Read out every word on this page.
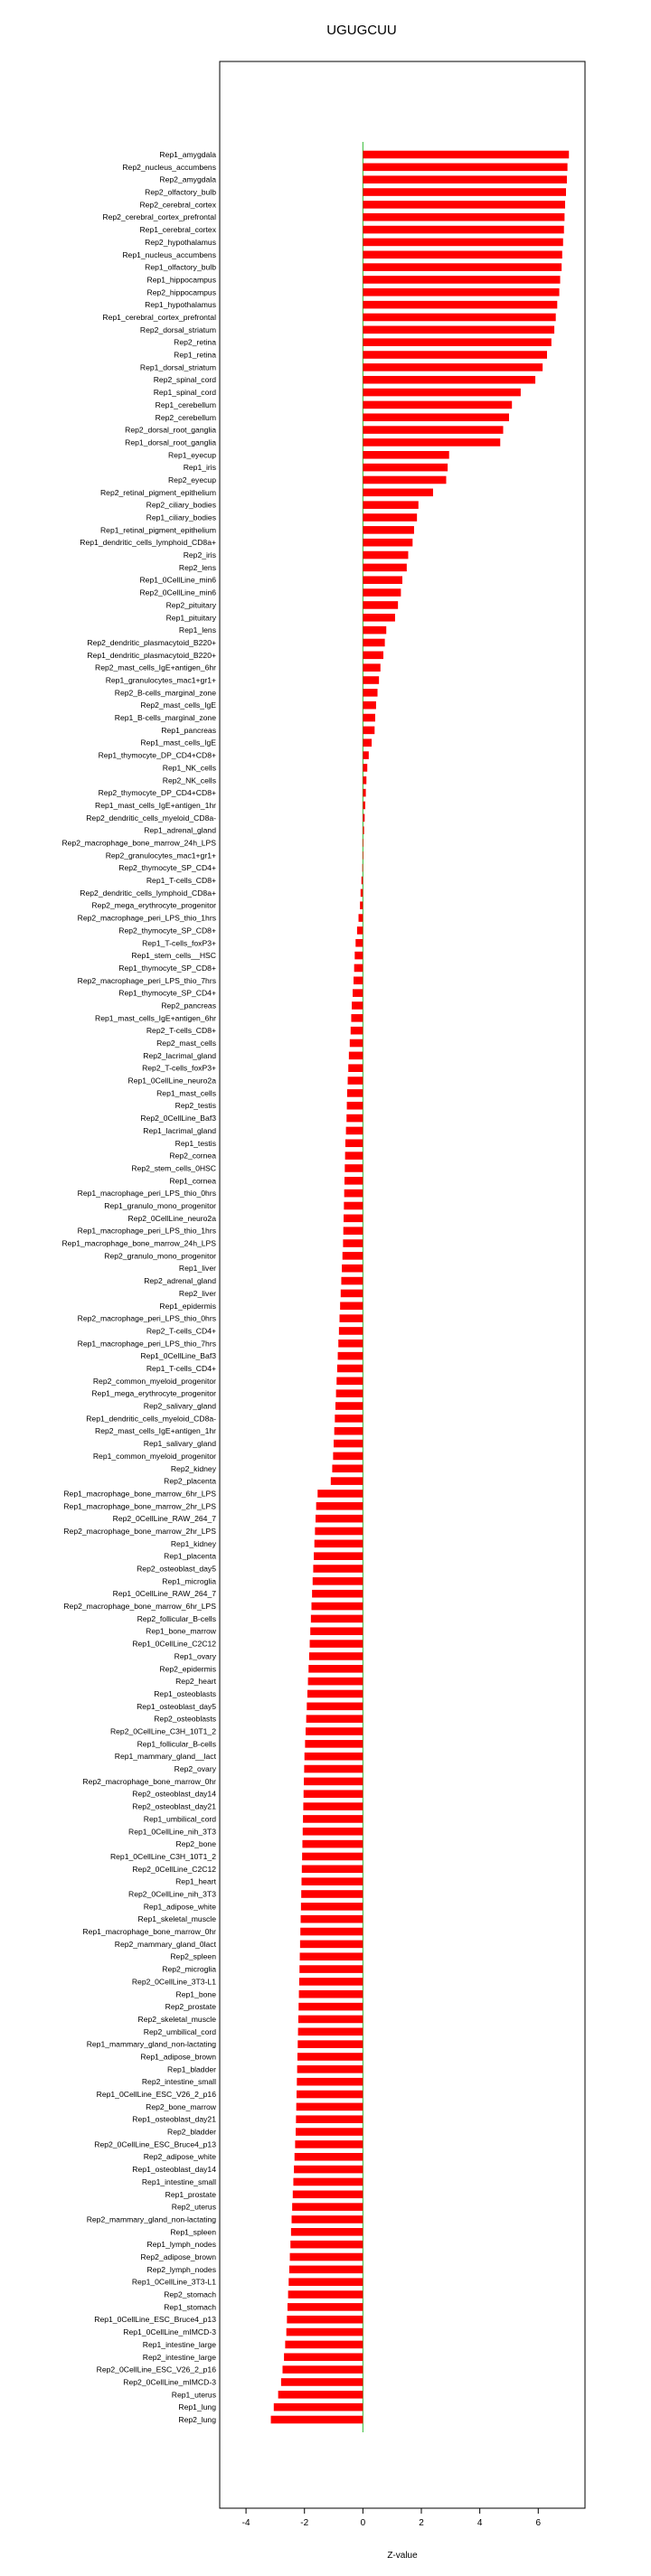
UGUGCUU
Rep1_amygdala
Rep2_nucleus_accumbens
Rep2_amygdala
Rep2_olfactory_bulb
Rep2_cerebral_cortex
Rep2_cerebral_cortex_prefrontal
Rep1_cerebral_cortex
Rep2_hypothalamus
Rep1_nucleus_accumbens
Rep1_olfactory_bulb
Rep1_hippocampus
Rep2_hippocampus
Rep1_hypothalamus
Rep1_cerebral_cortex_prefrontal
Rep2_dorsal_striatum
Rep2_retina
Rep1_retina
Rep1_dorsal_striatum
Rep2_spinal_cord
Rep1_spinal_cord
Rep1_cerebellum
Rep2_cerebellum
Rep2_dorsal_root_ganglia
Rep1_dorsal_root_ganglia
Rep1_eyecup
Rep1_iris
Rep2_eyecup
Rep2_retinal_pigment_epithelium
Rep2_ciliary_bodies
Rep1_ciliary_bodies
Rep1_retinal_pigment_epithelium
Rep1_dendritic_cells_lymphoid_CD8a+
Rep2_iris
Rep2_lens
Rep1_0CellLine_min6
Rep2_0CellLine_min6
Rep2_pituitary
Rep1_pituitary
Rep1_lens
Rep2_dendritic_plasmacytoid_B220+
Rep1_dendritic_plasmacytoid_B220+
Rep2_mast_cells_IgE+antigen_6hr
Rep1_granulocytes_mac1+gr1+
Rep2_B-cells_marginal_zone
Rep2_mast_cells_IgE
Rep1_B-cells_marginal_zone
Rep1_pancreas
Rep1_mast_cells_IgE
Rep1_thymocyte_DP_CD4+CD8+
Rep1_NK_cells
Rep2_NK_cells
Rep2_thymocyte_DP_CD4+CD8+
Rep1_mast_cells_IgE+antigen_1hr
Rep2_dendritic_cells_myeloid_CD8a-
Rep1_adrenal_gland
Rep2_macrophage_bone_marrow_24h_LPS
Rep2_granulocytes_mac1+gr1+
Rep2_thymocyte_SP_CD4+
Rep1_T-cells_CD8+
Rep2_dendritic_cells_lymphoid_CD8a+
Rep2_mega_erythrocyte_progenitor
Rep2_macrophage_peri_LPS_thio_1hrs
Rep2_thymocyte_SP_CD8+
Rep1_T-cells_foxP3+
Rep1_stem_cells__HSC
Rep1_thymocyte_SP_CD8+
Rep2_macrophage_peri_LPS_thio_7hrs
Rep1_thymocyte_SP_CD4+
Rep2_pancreas
Rep1_mast_cells_IgE+antigen_6hr
Rep2_T-cells_CD8+
Rep2_mast_cells
Rep2_lacrimal_gland
Rep2_T-cells_foxP3+
Rep1_0CellLine_neuro2a
Rep1_mast_cells
Rep2_testis
Rep2_0CellLine_Baf3
Rep1_lacrimal_gland
Rep1_testis
Rep2_cornea
Rep2_stem_cells_0HSC
Rep1_cornea
Rep1_macrophage_peri_LPS_thio_0hrs
Rep1_granulo_mono_progenitor
Rep2_0CellLine_neuro2a
Rep1_macrophage_peri_LPS_thio_1hrs
Rep1_macrophage_bone_marrow_24h_LPS
Rep2_granulo_mono_progenitor
Rep1_liver
Rep2_adrenal_gland
Rep2_liver
Rep1_epidermis
Rep2_macrophage_peri_LPS_thio_0hrs
Rep2_T-cells_CD4+
Rep1_macrophage_peri_LPS_thio_7hrs
Rep1_0CellLine_Baf3
Rep1_T-cells_CD4+
Rep2_common_myeloid_progenitor
Rep1_mega_erythrocyte_progenitor
Rep2_salivary_gland
Rep1_dendritic_cells_myeloid_CD8a-
Rep2_mast_cells_IgE+antigen_1hr
Rep1_salivary_gland
Rep1_common_myeloid_progenitor
Rep2_kidney
Rep2_placenta
Rep1_macrophage_bone_marrow_6hr_LPS
Rep1_macrophage_bone_marrow_2hr_LPS
Rep2_0CellLine_RAW_264_7
Rep2_macrophage_bone_marrow_2hr_LPS
Rep1_kidney
Rep1_placenta
Rep2_osteoblast_day5
Rep1_microglia
Rep1_0CellLine_RAW_264_7
Rep2_macrophage_bone_marrow_6hr_LPS
Rep2_follicular_B-cells
Rep1_bone_marrow
Rep1_0CellLine_C2C12
Rep1_ovary
Rep2_epidermis
Rep2_heart
Rep1_osteoblasts
Rep1_osteoblast_day5
Rep2_osteoblasts
Rep2_0CellLine_C3H_10T1_2
Rep1_follicular_B-cells
Rep1_mammary_gland__lact
Rep2_ovary
Rep2_macrophage_bone_marrow_0hr
Rep2_osteoblast_day14
Rep2_osteoblast_day21
Rep1_umbilical_cord
Rep1_0CellLine_nih_3T3
Rep2_bone
Rep1_0CellLine_C3H_10T1_2
Rep2_0CellLine_C2C12
Rep1_heart
Rep2_0CellLine_nih_3T3
Rep1_adipose_white
Rep1_skeletal_muscle
Rep1_macrophage_bone_marrow_0hr
Rep2_mammary_gland_0lact
Rep2_spleen
Rep2_microglia
Rep2_0CellLine_3T3-L1
Rep1_bone
Rep2_prostate
Rep2_skeletal_muscle
Rep2_umbilical_cord
Rep1_mammary_gland_non-lactating
Rep1_adipose_brown
Rep1_bladder
Rep2_intestine_small
Rep1_0CellLine_ESC_V26_2_p16
Rep2_bone_marrow
Rep1_osteoblast_day21
Rep2_bladder
Rep2_0CellLine_ESC_Bruce4_p13
Rep2_adipose_white
Rep1_osteoblast_day14
Rep1_intestine_small
Rep1_prostate
Rep2_uterus
Rep2_mammary_gland_non-lactating
Rep1_spleen
Rep1_lymph_nodes
Rep2_adipose_brown
Rep2_lymph_nodes
Rep1_0CellLine_3T3-L1
Rep2_stomach
Rep1_stomach
Rep1_0CellLine_ESC_Bruce4_p13
Rep1_0CellLine_mIMCD-3
Rep1_intestine_large
Rep2_intestine_large
Rep2_0CellLine_ESC_V26_2_p16
Rep2_0CellLine_mIMCD-3
Rep1_uterus
Rep1_lung
Rep2_lung
-4	-2	0	2	4	6
Z-value
